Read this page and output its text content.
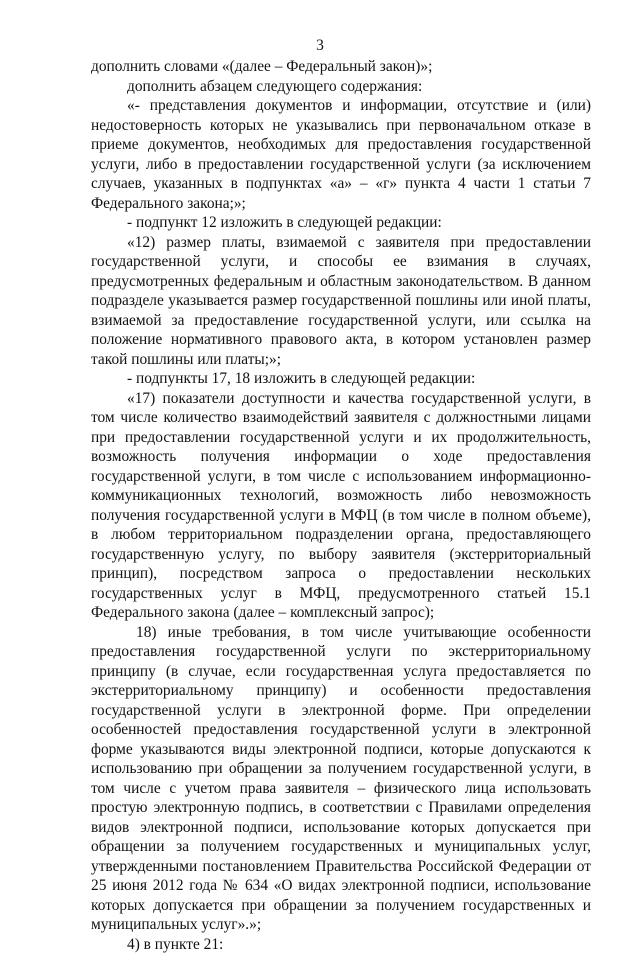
3

дополнить словами «(далее – Федеральный закон)»;

дополнить абзацем следующего содержания:

«- представления документов и информации, отсутствие и (или) недостоверность которых не указывались при первоначальном отказе в приеме документов, необходимых для предоставления государственной услуги, либо в предоставлении государственной услуги (за исключением случаев, указанных в подпунктах «а» – «г» пункта 4 части 1 статьи 7 Федерального закона;»;

- подпункт 12 изложить в следующей редакции:

«12) размер платы, взимаемой с заявителя при предоставлении государственной услуги, и способы ее взимания в случаях, предусмотренных федеральным и областным законодательством. В данном подразделе указывается размер государственной пошлины или иной платы, взимаемой за предоставление государственной услуги, или ссылка на положение нормативного правового акта, в котором установлен размер такой пошлины или платы;»;

- подпункты 17, 18 изложить в следующей редакции:

«17) показатели доступности и качества государственной услуги, в том числе количество взаимодействий заявителя с должностными лицами при предоставлении государственной услуги и их продолжительность, возможность получения информации о ходе предоставления государственной услуги, в том числе с использованием информационно-коммуникационных технологий, возможность либо невозможность получения государственной услуги в МФЦ (в том числе в полном объеме), в любом территориальном подразделении органа, предоставляющего государственную услугу, по выбору заявителя (экстерриториальный принцип), посредством запроса о предоставлении нескольких государственных услуг в МФЦ, предусмотренного статьей 15.1 Федерального закона (далее – комплексный запрос);

18) иные требования, в том числе учитывающие особенности предоставления государственной услуги по экстерриториальному принципу (в случае, если государственная услуга предоставляется по экстерриториальному принципу) и особенности предоставления государственной услуги в электронной форме. При определении особенностей предоставления государственной услуги в электронной форме указываются виды электронной подписи, которые допускаются к использованию при обращении за получением государственной услуги, в том числе с учетом права заявителя – физического лица использовать простую электронную подпись, в соответствии с Правилами определения видов электронной подписи, использование которых допускается при обращении за получением государственных и муниципальных услуг, утвержденными постановлением Правительства Российской Федерации от 25 июня 2012 года № 634 «О видах электронной подписи, использование которых допускается при обращении за получением государственных и муниципальных услуг».»;

4) в пункте 21:
